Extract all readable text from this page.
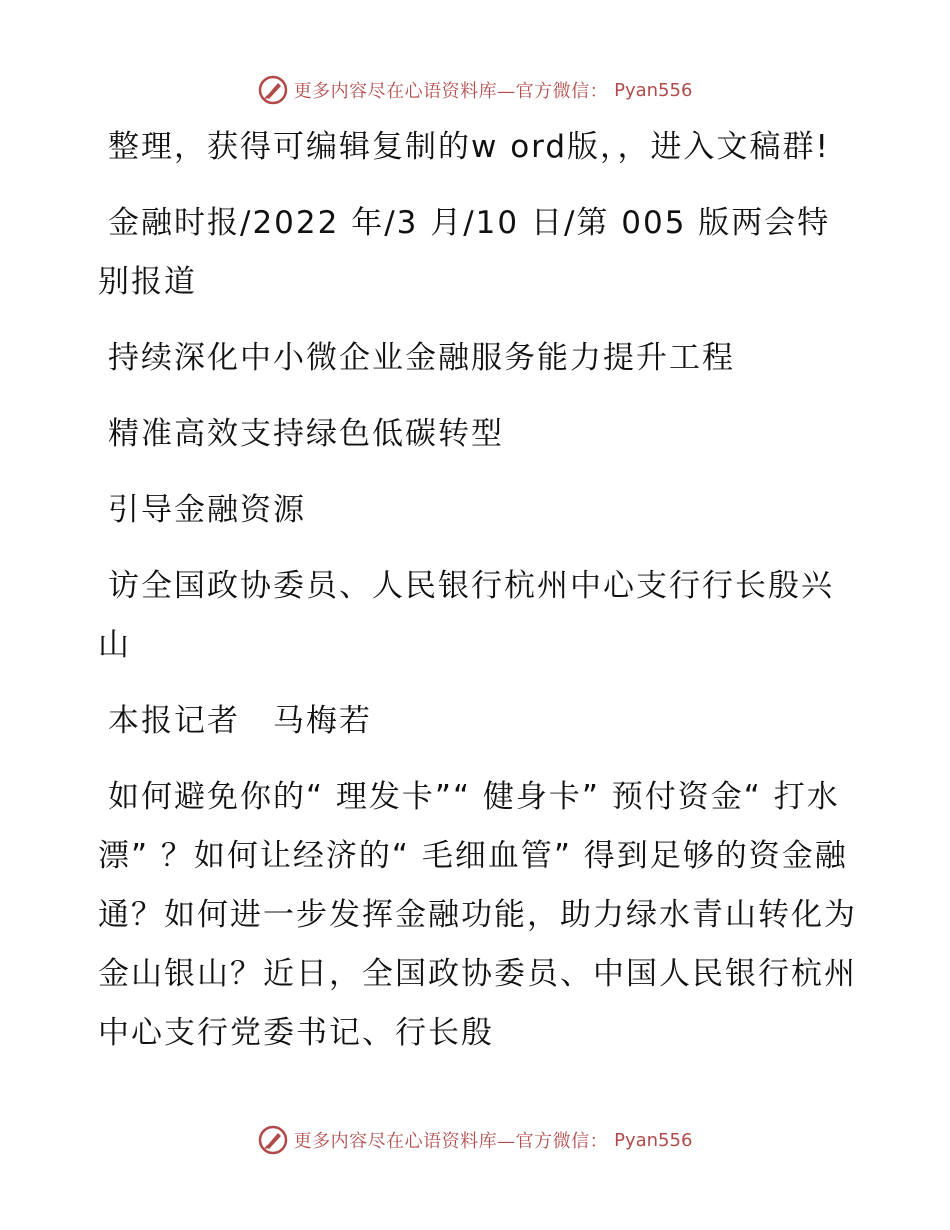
更多内容尽在心语资料库—官方微信： Pyan556

整理，获得可编辑复制的w ord版，，进入文稿群!

金融时报/2022 年/3 月/10 日/第 005 版两会特别报道

持续深化中小微企业金融服务能力提升工程

精准高效支持绿色低碳转型

引导金融资源

访全国政协委员、人民银行杭州中心支行行长殷兴山

本报记者　马梅若

如何避免你的“ 理发卡”“ 健身卡” 预付资金“ 打水漂” ？如何让经济的“ 毛细血管” 得到足够的资金融通？如何进一步发挥金融功能，助力绿水青山转化为金山银山？近日，全国政协委员、中国人民银行杭州中心支行党委书记、行长殷

更多内容尽在心语资料库—官方微信： Pyan556
